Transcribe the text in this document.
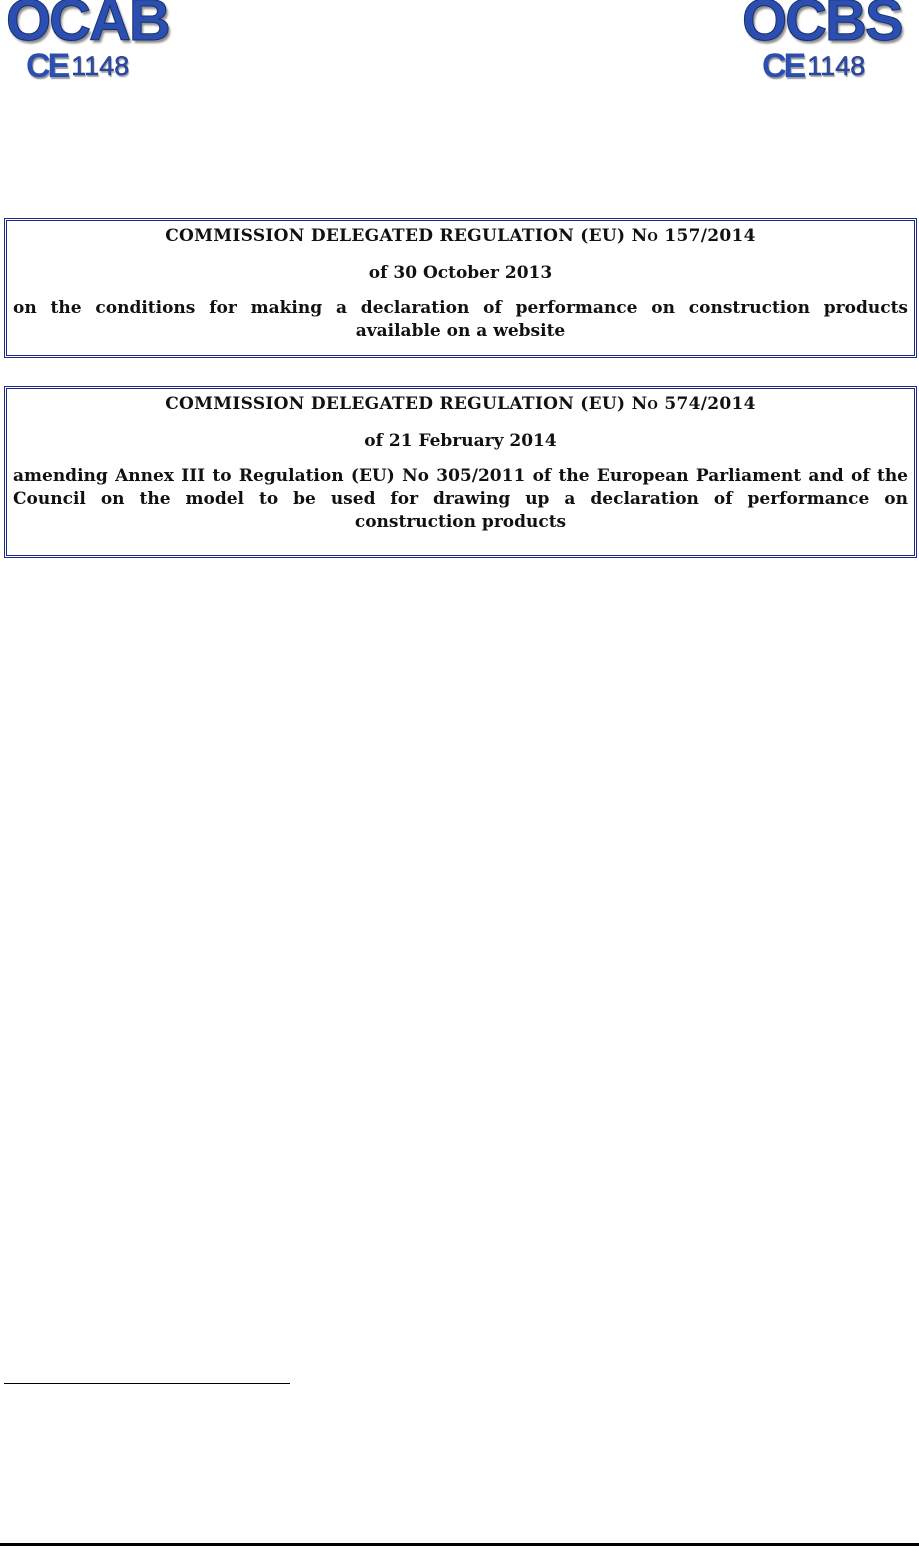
OCAB
CE 1148
OCBS
CE 1148

COMMISSION DELEGATED REGULATION (EU) No 157/2014

of 30 October 2013

on the conditions for making a declaration of performance on construction products available on a website

COMMISSION DELEGATED REGULATION (EU) No 574/2014

of 21 February 2014

amending Annex III to Regulation (EU) No 305/2011 of the European Parliament and of the Council on the model to be used for drawing up a declaration of performance on construction products
